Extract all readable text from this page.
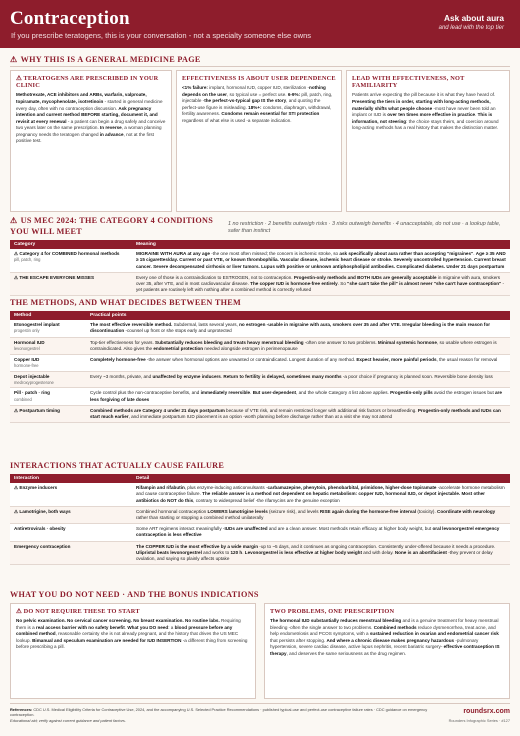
Contraception
If you prescribe teratogens, this is your conversation - not a specialty someone else owns
Ask about aura
and lead with the top tier
⚠ WHY THIS IS A GENERAL MEDICINE PAGE
⚠ TERATOGENS ARE PRESCRIBED IN YOUR CLINIC
Methotrexate, ACE inhibitors and ARBs, warfarin, valproate, topiramate, mycophenolate, isotretinoin - started in general medicine every day, often with no contraception discussion. Ask pregnancy intention and current method BEFORE starting, document it, and revisit at every renewal - a patient can begin a drug safely and conceive two years later on the same prescription. In reverse, a woman planning pregnancy needs the teratogen changed in advance, not at the first positive test.
EFFECTIVENESS IS ABOUT USER DEPENDENCE
<1% failure: implant, hormonal IUD, copper IUD, sterilization -nothing depends on the user, so typical use = perfect use. 6-9%: pill, patch, ring, injectable -the perfect-vs-typical gap IS the story, and quoting the perfect-use figure is misleading. 18%+: condoms, diaphragm, withdrawal, fertility awareness. Condoms remain essential for STI protection regardless of what else is used -a separate indication.
LEAD WITH EFFECTIVENESS, NOT FAMILIARITY
Patients arrive expecting the pill because it is what they have heard of. Presenting the tiers in order, starting with long-acting methods, materially shifts what people choose -most have never been told an implant or IUD is over ten times more effective in practice. This is information, not steering: the choice stays theirs, and coercion around long-acting methods has a real history that makes the distinction matter.
⚠ US MEC 2024: THE CATEGORY 4 CONDITIONS YOU WILL MEET
1 no restriction · 2 benefits outweigh risks · 3 risks outweigh benefits · 4 unacceptable, do not use · a lookup table, safer than instinct
Category	Meaning
⚠ Category 4 for COMBINED hormonal methods
pill, patch, ring	MIGRAINE WITH AURA at any age -the one most often missed; the concern is ischemic stroke, so ask specifically about aura rather than accepting "migraines". Age ≥ 35 AND ≥ 15 cigarettes/day. Current or past VTE, or known thrombophilia. Vascular disease, ischemic heart disease or stroke. Severely uncontrolled hypertension. Current breast cancer. Severe decompensated cirrhosis or liver tumors. Lupus with positive or unknown antiphospholipid antibodies. Complicated diabetes. Under 21 days postpartum
⚠ THE ESCAPE EVERYONE MISSES	Every one of those is a contraindication to ESTROGEN, not to contraception. Progestin-only methods and BOTH IUDs are generally acceptable in migraine with aura, smokers over 35, after VTE, and in most cardiovascular disease. The copper IUD is hormone-free entirely. So "she can't take the pill" is almost never "she can't have contraception" -yet patients are routinely left with nothing after a combined method is correctly refused
THE METHODS, AND WHAT DECIDES BETWEEN THEM
Method	Practical points
Etonogestrel implant
progestin only	The most effective reversible method. Subdermal, lasts several years, no estrogen -usable in migraine with aura, smokers over 35 and after VTE. Irregular bleeding is the main reason for discontinuation -counsel up front or she stops early and unprotected
Hormonal IUD
levonorgestrel	Top-tier effectiveness for years. Substantially reduces bleeding and treats heavy menstrual bleeding -often one answer to two problems. Minimal systemic hormone, so usable where estrogen is contraindicated. Also gives the endometrial protection needed alongside estrogen in perimenopause
Copper IUD
hormone-free	Completely hormone-free -the answer when hormonal options are unwanted or contraindicated. Longest duration of any method. Expect heavier, more painful periods, the usual reason for removal
Depot injectable
medroxyprogesterone	Every ~3 months, private, and unaffected by enzyme inducers. Return to fertility is delayed, sometimes many months -a poor choice if pregnancy is planned soon. Reversible bone density loss
Pill · patch · ring
combined	Cycle control plus the non-contraceptive benefits, and immediately reversible. But user-dependent, and the whole Category 4 list above applies. Progestin-only pills avoid the estrogen issues but are less forgiving of late doses
⚠ Postpartum timing	Combined methods are Category 4 under 21 days postpartum because of VTE risk, and remain restricted longer with additional risk factors or breastfeeding. Progestin-only methods and IUDs can start much earlier, and immediate postpartum IUD placement is an option -worth planning before discharge rather than at a visit she may not attend
INTERACTIONS THAT ACTUALLY CAUSE FAILURE
Interaction	Detail
⚠ Enzyme inducers	Rifampin and rifabutin, plus enzyme-inducing anticonvulsants -carbamazepine, phenytoin, phenobarbital, primidone, higher-dose topiramate -accelerate hormone metabolism and cause contraceptive failure. The reliable answer is a method not dependent on hepatic metabolism: copper IUD, hormonal IUD, or depot injectable. Most other antibiotics do NOT do this, contrary to widespread belief -the rifamycins are the genuine exception
⚠ Lamotrigine, both ways	Combined hormonal contraception LOWERS lamotrigine levels (seizure risk), and levels RISE again during the hormone-free interval (toxicity). Coordinate with neurology rather than starting or stopping a combined method unilaterally
Antiretrovirals · obesity	Some ART regimens interact meaningfully -IUDs are unaffected and are a clean answer. Most methods retain efficacy at higher body weight, but oral levonorgestrel emergency contraception is less effective
Emergency contraception	The COPPER IUD is the most effective by a wide margin -up to ~5 days, and it continues as ongoing contraception. Consistently under-offered because it needs a procedure. Ulipristal beats levonorgestrel and works to 120 h. Levonorgestrel is less effective at higher body weight and with delay. None is an abortifacient -they prevent or delay ovulation, and saying so plainly affects uptake
WHAT YOU DO NOT NEED · AND THE BONUS INDICATIONS
⚠ DO NOT REQUIRE THESE TO START
No pelvic examination. No cervical cancer screening. No breast examination. No routine labs. Requiring them is a real access barrier with no safety benefit. What you DO need: a blood pressure before any combined method, reasonable certainty she is not already pregnant, and the history that drives the US MEC lookup. Bimanual and speculum examination are needed for IUD INSERTION -a different thing from screening before prescribing a pill.
TWO PROBLEMS, ONE PRESCRIPTION
The hormonal IUD substantially reduces menstrual bleeding and is a genuine treatment for heavy menstrual bleeding -often the single answer to two problems. Combined methods reduce dysmenorrhea, treat acne, and help endometriosis and PCOS symptoms, with a sustained reduction in ovarian and endometrial cancer risk that persists after stopping. And where a chronic disease makes pregnancy hazardous -pulmonary hypertension, severe cardiac disease, active lupus nephritis, recent bariatric surgery- effective contraception IS therapy, and deserves the same seriousness as the drug regimen.
References: CDC U.S. Medical Eligibility Criteria for Contraceptive Use, 2024, and the accompanying U.S. Selected Practice Recommendations · published typical-use and perfect-use contraceptive failure rates · CDC guidance on emergency contraception.
Educational aid; verify against current guidance and patient factors.
roundsrx.com
Rounders Infographic Series · #127
